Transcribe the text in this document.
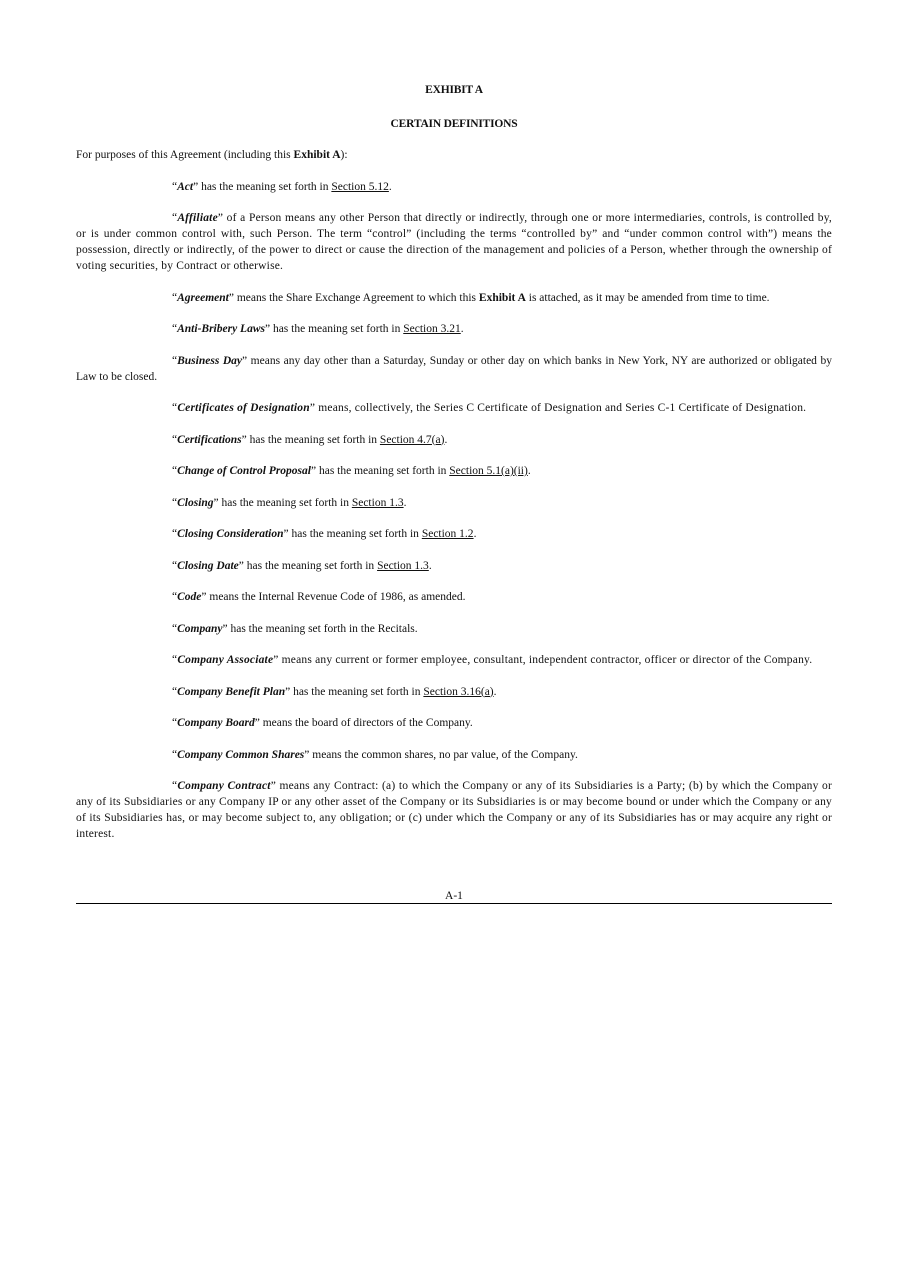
EXHIBIT A
CERTAIN DEFINITIONS

For purposes of this Agreement (including this Exhibit A):

“Act” has the meaning set forth in Section 5.12.

“Affiliate” of a Person means any other Person that directly or indirectly, through one or more intermediaries, controls, is controlled by, or is under common control with, such Person. The term “control” (including the terms “controlled by” and “under common control with”) means the possession, directly or indirectly, of the power to direct or cause the direction of the management and policies of a Person, whether through the ownership of voting securities, by Contract or otherwise.

“Agreement” means the Share Exchange Agreement to which this Exhibit A is attached, as it may be amended from time to time.

“Anti-Bribery Laws” has the meaning set forth in Section 3.21.

“Business Day” means any day other than a Saturday, Sunday or other day on which banks in New York, NY are authorized or obligated by Law to be closed.

“Certificates of Designation” means, collectively, the Series C Certificate of Designation and Series C-1 Certificate of Designation.

“Certifications” has the meaning set forth in Section 4.7(a).

“Change of Control Proposal” has the meaning set forth in Section 5.1(a)(ii).

“Closing” has the meaning set forth in Section 1.3.

“Closing Consideration” has the meaning set forth in Section 1.2.

“Closing Date” has the meaning set forth in Section 1.3.

“Code” means the Internal Revenue Code of 1986, as amended.

“Company” has the meaning set forth in the Recitals.

“Company Associate” means any current or former employee, consultant, independent contractor, officer or director of the Company.

“Company Benefit Plan” has the meaning set forth in Section 3.16(a).

“Company Board” means the board of directors of the Company.

“Company Common Shares” means the common shares, no par value, of the Company.

“Company Contract” means any Contract: (a) to which the Company or any of its Subsidiaries is a Party; (b) by which the Company or any of its Subsidiaries or any Company IP or any other asset of the Company or its Subsidiaries is or may become bound or under which the Company or any of its Subsidiaries has, or may become subject to, any obligation; or (c) under which the Company or any of its Subsidiaries has or may acquire any right or interest.

A-1
